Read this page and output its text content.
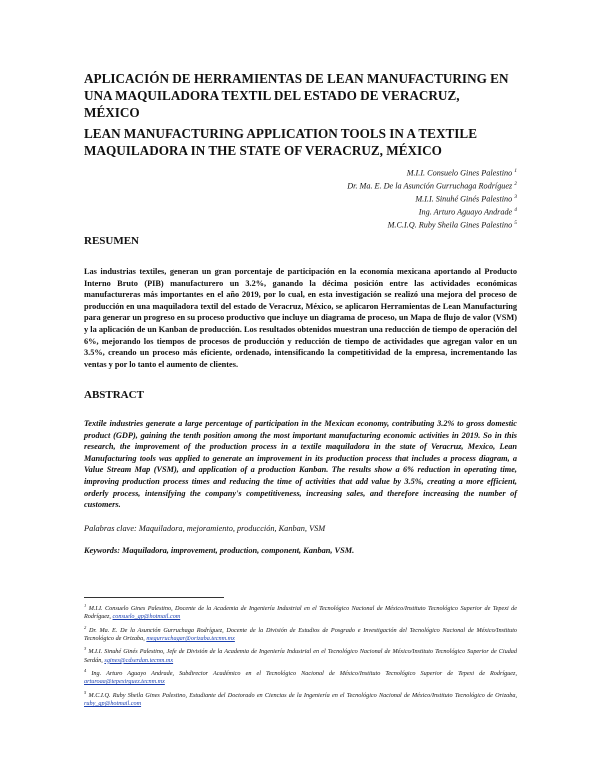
APLICACIÓN DE HERRAMIENTAS DE LEAN MANUFACTURING EN UNA MAQUILADORA TEXTIL DEL ESTADO DE VERACRUZ, MÉXICO
LEAN MANUFACTURING APPLICATION TOOLS IN A TEXTILE MAQUILADORA IN THE STATE OF VERACRUZ, MÉXICO
M.I.I. Consuelo Gines Palestino $^1$
Dr. Ma. E. De la Asunción Gurruchaga Rodríguez $^2$
M.I.I. Sinuhé Ginés Palestino $^3$
Ing. Arturo Aguayo Andrade $^4$
M.C.I.Q. Ruby Sheila Gines Palestino $^5$
RESUMEN
Las industrias textiles, generan un gran porcentaje de participación en la economía mexicana aportando al Producto Interno Bruto (PIB) manufacturero un 3.2%, ganando la décima posición entre las actividades económicas manufactureras más importantes en el año 2019, por lo cual, en esta investigación se realizó una mejora del proceso de producción en una maquiladora textil del estado de Veracruz, México, se aplicaron Herramientas de Lean Manufacturing para generar un progreso en su proceso productivo que incluye un diagrama de proceso, un Mapa de flujo de valor (VSM) y la aplicación de un Kanban de producción. Los resultados obtenidos muestran una reducción de tiempo de operación del 6%, mejorando los tiempos de procesos de producción y reducción de tiempo de actividades que agregan valor en un 3.5%, creando un proceso más eficiente, ordenado, intensificando la competitividad de la empresa, incrementando las ventas y por lo tanto el aumento de clientes.
ABSTRACT
Textile industries generate a large percentage of participation in the Mexican economy, contributing 3.2% to gross domestic product (GDP), gaining the tenth position among the most important manufacturing economic activities in 2019. So in this research, the improvement of the production process in a textile maquiladora in the state of Veracruz, Mexico, Lean Manufacturing tools was applied to generate an improvement in its production process that includes a process diagram, a Value Stream Map (VSM), and application of a production Kanban. The results show a 6% reduction in operating time, improving production process times and reducing the time of activities that add value by 3.5%, creating a more efficient, orderly process, intensifying the company's competitiveness, increasing sales, and therefore increasing the number of customers.
Palabras clave: Maquiladora, mejoramiento, producción, Kanban, VSM
Keywords: Maquiladora, improvement, production, component, Kanban, VSM.
$^1$ M.I.I. Consuelo Gines Palestino, Docente de la Academia de Ingeniería Industrial en el Tecnológico Nacional de México/Instituto Tecnológico Superior de Tepexi de Rodríguez, consuelo_gp@hotmail.com
$^2$ Dr. Ma. E. De la Asunción Gurruchaga Rodríguez, Docente de la División de Estudios de Posgrado e Investigación del Tecnológico Nacional de México/Instituto Tecnológico de Orizaba, megurruchagar@orizaba.tecnm.mx
$^3$ M.I.I. Sinuhé Ginés Palestino, Jefe de División de la Academia de Ingeniería Industrial en el Tecnológico Nacional de México/Instituto Tecnológico Superior de Ciudad Serdán, sgines@cdserdan.tecnm.mx
$^4$ Ing. Arturo Aguayo Andrade, Subdirector Académico en el Tecnológico Nacional de México/Instituto Tecnológico Superior de Tepexi de Rodríguez, arturoaa@tepexirguez.tecnm.mx
$^5$ M.C.I.Q. Ruby Sheila Gines Palestino, Estudiante del Doctorado en Ciencias de la Ingeniería en el Tecnológico Nacional de México/Instituto Tecnológico de Orizaba, ruby_gp@hotmail.com
